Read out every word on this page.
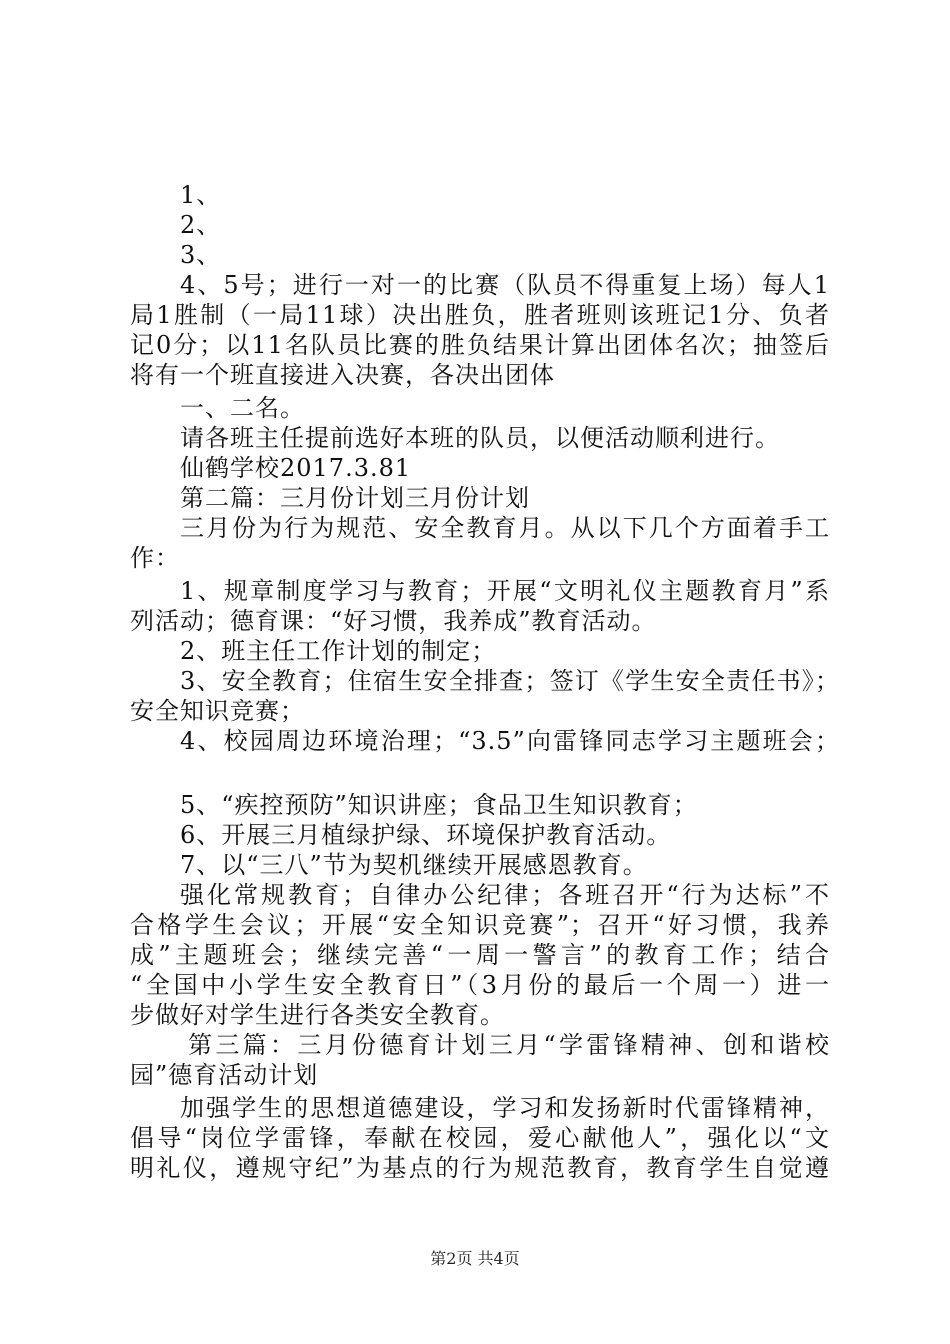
1、
2、
3、
4、5号；进行一对一的比赛（队员不得重复上场）每人1
局1胜制（一局11球）决出胜负，胜者班则该班记1分、负者
记0分；以11名队员比赛的胜负结果计算出团体名次；抽签后
将有一个班直接进入决赛，各决出团体
一、二名。
请各班主任提前选好本班的队员，以便活动顺利进行。
仙鹤学校2017.3.81
第二篇：三月份计划三月份计划
三月份为行为规范、安全教育月。从以下几个方面着手工
作：
1、规章制度学习与教育；开展“文明礼仪主题教育月”系
列活动；德育课：“好习惯，我养成”教育活动。
2、班主任工作计划的制定；
3、安全教育；住宿生安全排查；签订《学生安全责任书》；
安全知识竞赛；
4、校园周边环境治理；“3.5”向雷锋同志学习主题班会；
5、“疾控预防”知识讲座；食品卫生知识教育；
6、开展三月植绿护绿、环境保护教育活动。
7、以“三八”节为契机继续开展感恩教育。
强化常规教育；自律办公纪律；各班召开“行为达标”不
合格学生会议；开展“安全知识竞赛”；召开“好习惯，我养
成”主题班会；继续完善“一周一警言”的教育工作；结合
“全国中小学生安全教育日”（3月份的最后一个周一）进一
步做好对学生进行各类安全教育。
第三篇：三月份德育计划三月“学雷锋精神、创和谐校
园”德育活动计划
加强学生的思想道德建设，学习和发扬新时代雷锋精神，
倡导“岗位学雷锋，奉献在校园，爱心献他人”，强化以“文
明礼仪，遵规守纪”为基点的行为规范教育，教育学生自觉遵
第2页 共4页
